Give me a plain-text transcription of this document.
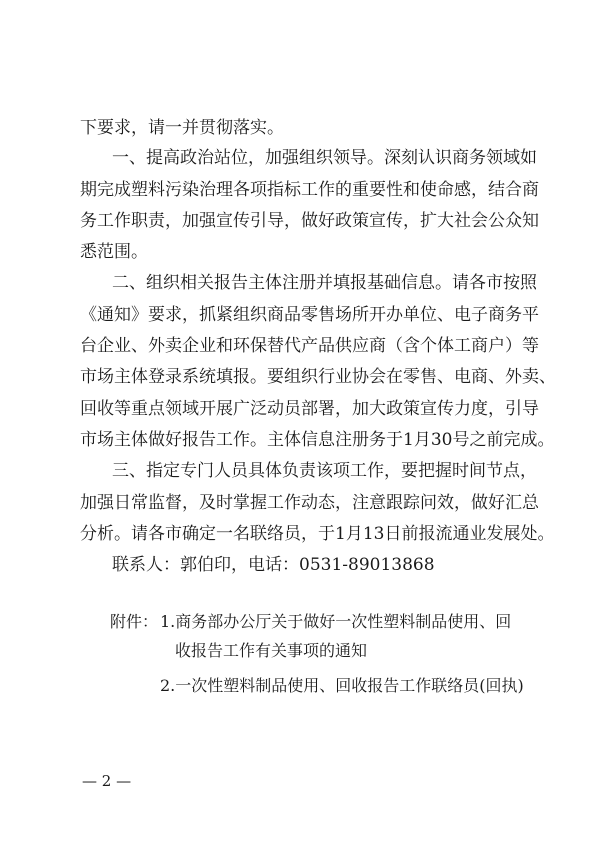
下要求，请一并贯彻落实。
一、提高政治站位，加强组织领导。深刻认识商务领域如
期完成塑料污染治理各项指标工作的重要性和使命感，结合商
务工作职责，加强宣传引导，做好政策宣传，扩大社会公众知
悉范围。
二、组织相关报告主体注册并填报基础信息。请各市按照
《通知》要求，抓紧组织商品零售场所开办单位、电子商务平
台企业、外卖企业和环保替代产品供应商（含个体工商户）等
市场主体登录系统填报。要组织行业协会在零售、电商、外卖、
回收等重点领域开展广泛动员部署，加大政策宣传力度，引导
市场主体做好报告工作。主体信息注册务于1月30号之前完成。
三、指定专门人员具体负责该项工作，要把握时间节点，
加强日常监督，及时掌握工作动态，注意跟踪问效，做好汇总
分析。请各市确定一名联络员，于1月13日前报流通业发展处。
联系人：郭伯印，电话：0531-89013868
附件： 1.商务部办公厅关于做好一次性塑料制品使用、回
收报告工作有关事项的通知
2.一次性塑料制品使用、回收报告工作联络员(回执)
— 2 —
